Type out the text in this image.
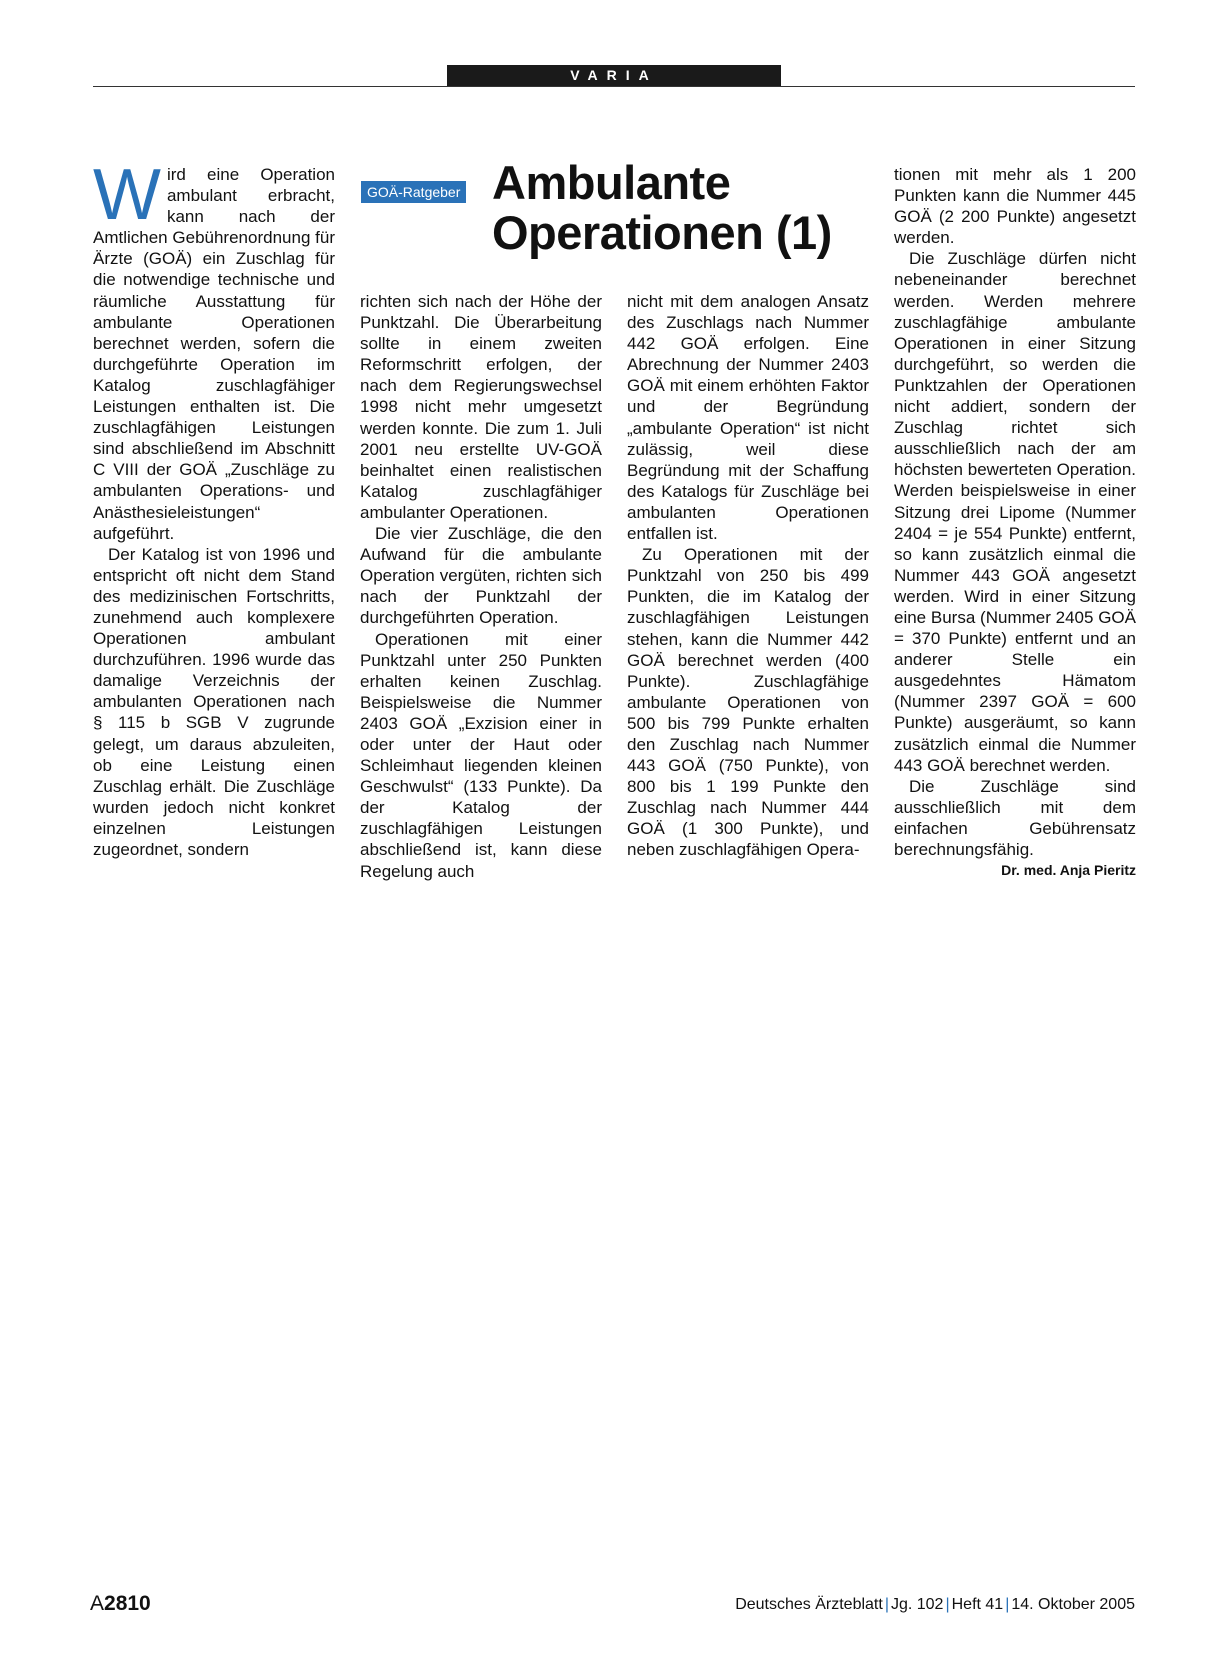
VARIA

Wird eine Operation ambulant erbracht, kann nach der Amtlichen Gebührenordnung für Ärzte (GOÄ) ein Zuschlag für die notwendige technische und räumliche Ausstattung für ambulante Operationen berechnet werden, sofern die durchgeführte Operation im Katalog zuschlagfähiger Leistungen enthalten ist. Die zuschlagfähigen Leistungen sind abschließend im Abschnitt C VIII der GOÄ „Zuschläge zu ambulanten Operations- und Anästhesieleistungen“ aufgeführt.

Der Katalog ist von 1996 und entspricht oft nicht dem Stand des medizinischen Fortschritts, zunehmend auch komplexere Operationen ambulant durchzuführen. 1996 wurde das damalige Verzeichnis der ambulanten Operationen nach § 115 b SGB V zugrunde gelegt, um daraus abzuleiten, ob eine Leistung einen Zuschlag erhält. Die Zuschläge wurden jedoch nicht konkret einzelnen Leistungen zugeordnet, sondern

GOÄ-Ratgeber Ambulante
Operationen (1)

richten sich nach der Höhe der Punktzahl. Die Überarbeitung sollte in einem zweiten Reformschritt erfolgen, der nach dem Regierungswechsel 1998 nicht mehr umgesetzt werden konnte. Die zum 1. Juli 2001 neu erstellte UV-GOÄ beinhaltet einen realistischen Katalog zuschlagfähiger ambulanter Operationen.

Die vier Zuschläge, die den Aufwand für die ambulante Operation vergüten, richten sich nach der Punktzahl der durchgeführten Operation.

Operationen mit einer Punktzahl unter 250 Punkten erhalten keinen Zuschlag. Beispielsweise die Nummer 2403 GOÄ „Exzision einer in oder unter der Haut oder Schleimhaut liegenden kleinen Geschwulst“ (133 Punkte). Da der Katalog der zuschlagfähigen Leistungen abschließend ist, kann diese Regelung auch

nicht mit dem analogen Ansatz des Zuschlags nach Nummer 442 GOÄ erfolgen. Eine Abrechnung der Nummer 2403 GOÄ mit einem erhöhten Faktor und der Begründung „ambulante Operation“ ist nicht zulässig, weil diese Begründung mit der Schaffung des Katalogs für Zuschläge bei ambulanten Operationen entfallen ist.

Zu Operationen mit der Punktzahl von 250 bis 499 Punkten, die im Katalog der zuschlagfähigen Leistungen stehen, kann die Nummer 442 GOÄ berechnet werden (400 Punkte). Zuschlagfähige ambulante Operationen von 500 bis 799 Punkte erhalten den Zuschlag nach Nummer 443 GOÄ (750 Punkte), von 800 bis 1 199 Punkte den Zuschlag nach Nummer 444 GOÄ (1 300 Punkte), und neben zuschlagfähigen Opera-

tionen mit mehr als 1 200 Punkten kann die Nummer 445 GOÄ (2 200 Punkte) angesetzt werden.

Die Zuschläge dürfen nicht nebeneinander berechnet werden. Werden mehrere zuschlagfähige ambulante Operationen in einer Sitzung durchgeführt, so werden die Punktzahlen der Operationen nicht addiert, sondern der Zuschlag richtet sich ausschließlich nach der am höchsten bewerteten Operation. Werden beispielsweise in einer Sitzung drei Lipome (Nummer 2404 = je 554 Punkte) entfernt, so kann zusätzlich einmal die Nummer 443 GOÄ angesetzt werden. Wird in einer Sitzung eine Bursa (Nummer 2405 GOÄ = 370 Punkte) entfernt und an anderer Stelle ein ausgedehntes Hämatom (Nummer 2397 GOÄ = 600 Punkte) ausgeräumt, so kann zusätzlich einmal die Nummer 443 GOÄ berechnet werden.

Die Zuschläge sind ausschließlich mit dem einfachen Gebührensatz berechnungsfähig.
Dr. med. Anja Pieritz

A2810	Deutsches Ärzteblatt | Jg. 102 | Heft 41 | 14. Oktober 2005
